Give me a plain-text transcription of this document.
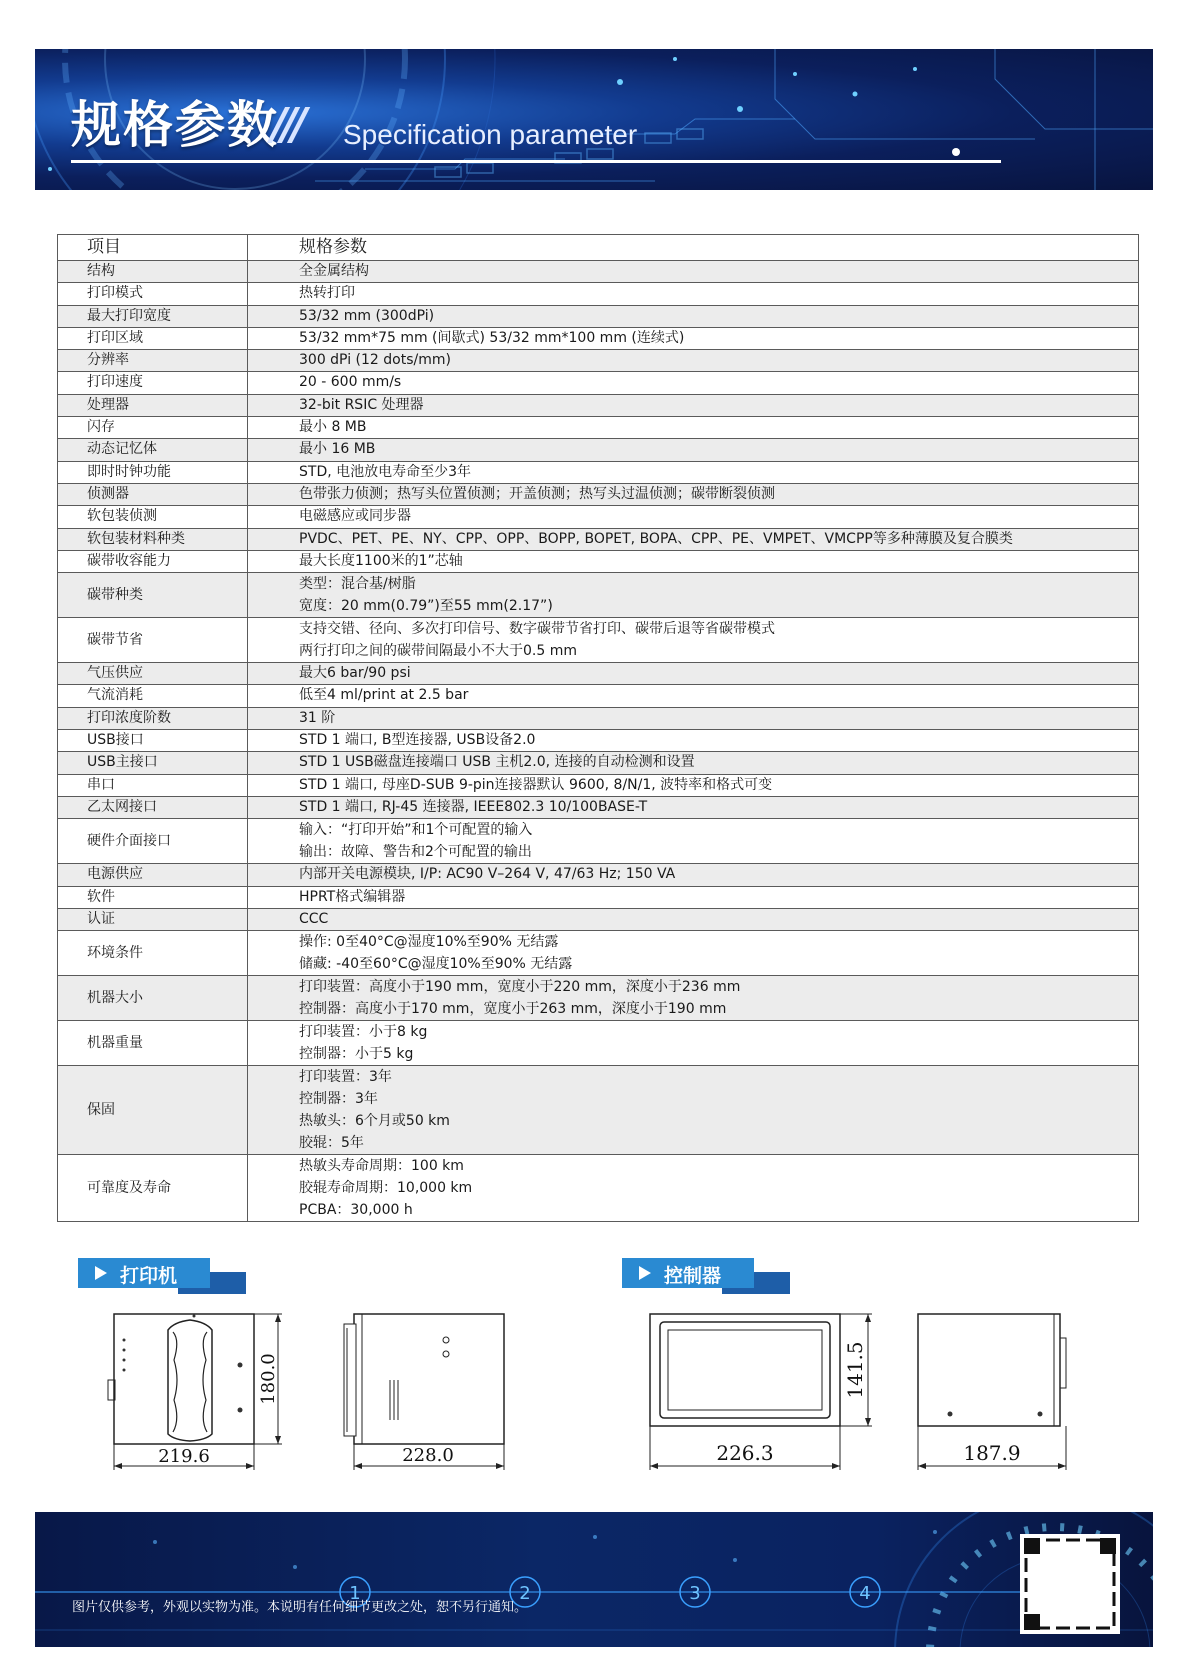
规格参数
/// Specification parameter
项目	规格参数
结构	全金属结构

打印模式	热转打印

最大打印宽度	53/32 mm (300dPi)

打印区域	53/32 mm*75 mm (间歇式) 53/32 mm*100 mm (连续式)

分辨率	300 dPi (12 dots/mm)

打印速度	20 - 600 mm/s

处理器	32-bit RSIC 处理器

闪存	最小 8 MB

动态记忆体	最小 16 MB

即时时钟功能	STD, 电池放电寿命至少3年

侦测器	色带张力侦测；热写头位置侦测；开盖侦测；热写头过温侦测；碳带断裂侦测

软包装侦测	电磁感应或同步器

软包装材料种类	PVDC、PET、PE、NY、CPP、OPP、BOPP, BOPET, BOPA、CPP、PE、VMPET、VMCPP等多种薄膜及复合膜类

碳带收容能力	最大长度1100米的1”芯轴

碳带种类	类型：混合基/树脂
宽度：20 mm(0.79”)至55 mm(2.17”)

碳带节省	支持交错、径向、多次打印信号、数字碳带节省打印、碳带后退等省碳带模式
两行打印之间的碳带间隔最小不大于0.5 mm

气压供应	最大6 bar/90 psi

气流消耗	低至4 ml/print at 2.5 bar

打印浓度阶数	31 阶

USB接口	STD 1 端口, B型连接器, USB设备2.0

USB主接口	STD 1 USB磁盘连接端口 USB 主机2.0, 连接的自动检测和设置

串口	STD 1 端口, 母座D-SUB 9-pin连接器默认 9600, 8/N/1, 波特率和格式可变

乙太网接口	STD 1 端口, RJ-45 连接器, IEEE802.3 10/100BASE-T

硬件介面接口	输入：“打印开始”和1个可配置的输入
输出：故障、警告和2个可配置的输出

电源供应	内部开关电源模块, I/P: AC90 V–264 V, 47/63 Hz; 150 VA

软件	HPRT格式编辑器

认证	CCC

环境条件	操作: 0至40°C@湿度10%至90% 无结露
储藏: -40至60°C@湿度10%至90% 无结露

机器大小	打印装置：高度小于190 mm，宽度小于220 mm，深度小于236 mm
控制器：高度小于170 mm，宽度小于263 mm，深度小于190 mm

机器重量	打印装置：小于8 kg
控制器：小于5 kg

保固	打印装置：3年
控制器：3年
热敏头：6个月或50 km
胶辊：5年

可靠度及寿命	热敏头寿命周期：100 km
胶辊寿命周期：10,000 km
PCBA：30,000 h
打印机
219.6
180.0
228.0
控制器
226.3
141.5
187.9
1	2	3	4
图片仅供参考，外观以实物为准。本说明有任何细节更改之处，恕不另行通知。
